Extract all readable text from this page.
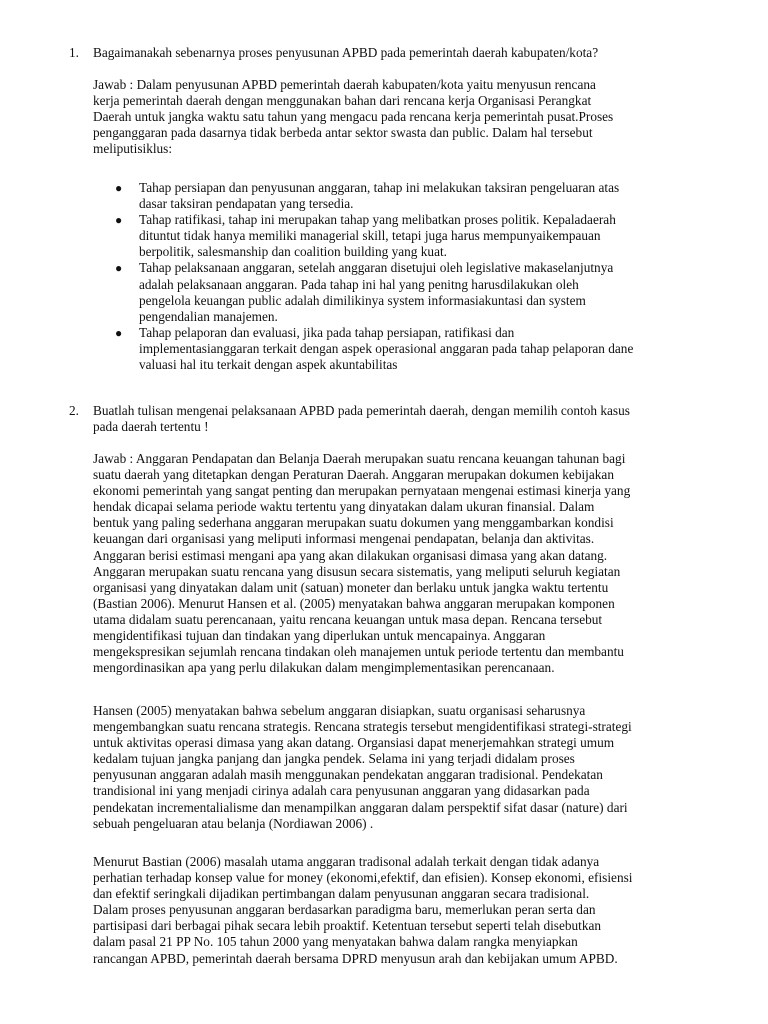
1. Bagaimanakah sebenarnya proses penyusunan APBD pada pemerintah daerah kabupaten/kota?
Jawab : Dalam penyusunan APBD pemerintah daerah kabupaten/kota yaitu menyusun rencana
kerja pemerintah daerah dengan menggunakan bahan dari rencana kerja Organisasi Perangkat
Daerah untuk jangka waktu satu tahun yang mengacu pada rencana kerja pemerintah pusat.Proses
penganggaran pada dasarnya tidak berbeda antar sektor swasta dan public. Dalam hal tersebut
meliputisiklus:
● Tahap persiapan dan penyusunan anggaran, tahap ini melakukan taksiran pengeluaran atas
dasar taksiran pendapatan yang tersedia.
● Tahap ratifikasi, tahap ini merupakan tahap yang melibatkan proses politik. Kepaladaerah
dituntut tidak hanya memiliki managerial skill, tetapi juga harus mempunyaikempauan
berpolitik, salesmanship dan coalition building yang kuat.
● Tahap pelaksanaan anggaran, setelah anggaran disetujui oleh legislative makaselanjutnya
adalah pelaksanaan anggaran. Pada tahap ini hal yang penitng harusdilakukan oleh
pengelola keuangan public adalah dimilikinya system informasiakuntasi dan system
pengendalian manajemen.
● Tahap pelaporan dan evaluasi, jika pada tahap persiapan, ratifikasi dan
implementasianggaran terkait dengan aspek operasional anggaran pada tahap pelaporan dane
valuasi hal itu terkait dengan aspek akuntabilitas
2. Buatlah tulisan mengenai pelaksanaan APBD pada pemerintah daerah, dengan memilih contoh kasus
pada daerah tertentu !
Jawab : Anggaran Pendapatan dan Belanja Daerah merupakan suatu rencana keuangan tahunan bagi
suatu daerah yang ditetapkan dengan Peraturan Daerah. Anggaran merupakan dokumen kebijakan
ekonomi pemerintah yang sangat penting dan merupakan pernyataan mengenai estimasi kinerja yang
hendak dicapai selama periode waktu tertentu yang dinyatakan dalam ukuran finansial. Dalam
bentuk yang paling sederhana anggaran merupakan suatu dokumen yang menggambarkan kondisi
keuangan dari organisasi yang meliputi informasi mengenai pendapatan, belanja dan aktivitas.
Anggaran berisi estimasi mengani apa yang akan dilakukan organisasi dimasa yang akan datang.
Anggaran merupakan suatu rencana yang disusun secara sistematis, yang meliputi seluruh kegiatan
organisasi yang dinyatakan dalam unit (satuan) moneter dan berlaku untuk jangka waktu tertentu
(Bastian 2006). Menurut Hansen et al. (2005) menyatakan bahwa anggaran merupakan komponen
utama didalam suatu perencanaan, yaitu rencana keuangan untuk masa depan. Rencana tersebut
mengidentifikasi tujuan dan tindakan yang diperlukan untuk mencapainya. Anggaran
mengekspresikan sejumlah rencana tindakan oleh manajemen untuk periode tertentu dan membantu
mengordinasikan apa yang perlu dilakukan dalam mengimplementasikan perencanaan.
Hansen (2005) menyatakan bahwa sebelum anggaran disiapkan, suatu organisasi seharusnya
mengembangkan suatu rencana strategis. Rencana strategis tersebut mengidentifikasi strategi-strategi
untuk aktivitas operasi dimasa yang akan datang. Organsiasi dapat menerjemahkan strategi umum
kedalam tujuan jangka panjang dan jangka pendek. Selama ini yang terjadi didalam proses
penyusunan anggaran adalah masih menggunakan pendekatan anggaran tradisional. Pendekatan
trandisional ini yang menjadi cirinya adalah cara penyusunan anggaran yang didasarkan pada
pendekatan incrementalialisme dan menampilkan anggaran dalam perspektif sifat dasar (nature) dari
sebuah pengeluaran atau belanja (Nordiawan 2006) .
Menurut Bastian (2006) masalah utama anggaran tradisonal adalah terkait dengan tidak adanya
perhatian terhadap konsep value for money (ekonomi,efektif, dan efisien). Konsep ekonomi, efisiensi
dan efektif seringkali dijadikan pertimbangan dalam penyusunan anggaran secara tradisional.
Dalam proses penyusunan anggaran berdasarkan paradigma baru, memerlukan peran serta dan
partisipasi dari berbagai pihak secara lebih proaktif. Ketentuan tersebut seperti telah disebutkan
dalam pasal 21 PP No. 105 tahun 2000 yang menyatakan bahwa dalam rangka menyiapkan
rancangan APBD, pemerintah daerah bersama DPRD menyusun arah dan kebijakan umum APBD.
